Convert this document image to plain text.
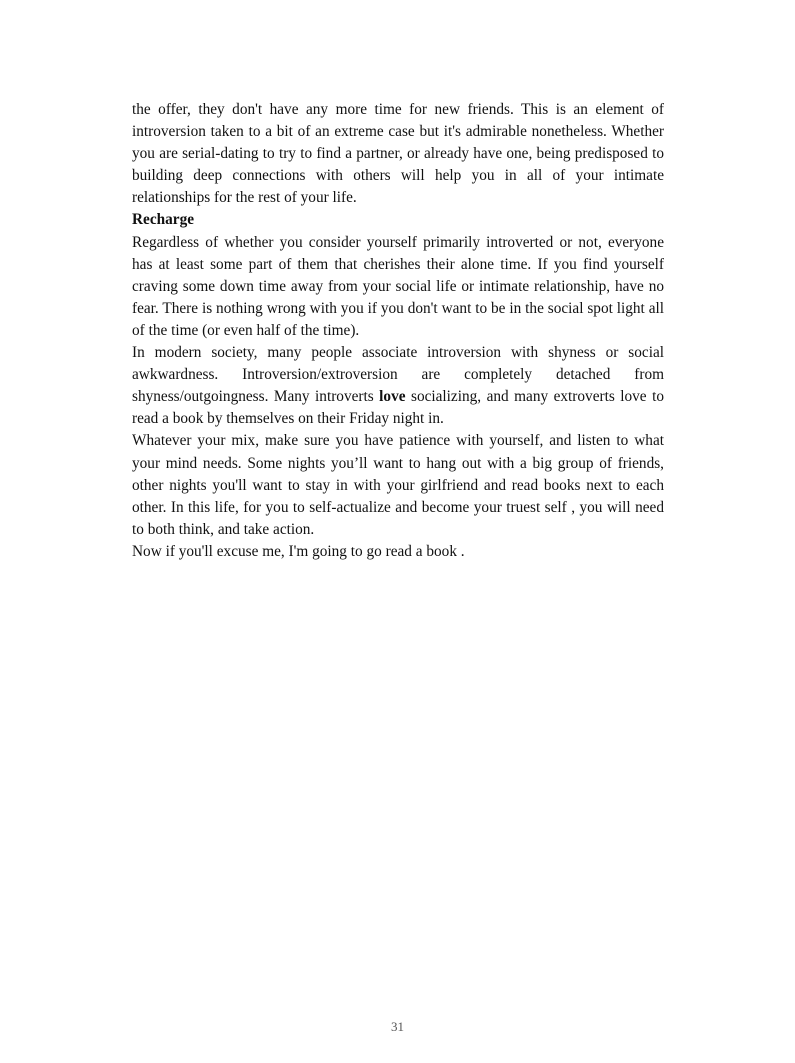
the offer, they don't have any more time for new friends. This is an element of introversion taken to a bit of an extreme case but it's admirable nonetheless. Whether you are serial-dating to try to find a partner, or already have one, being predisposed to building deep connections with others will help you in all of your intimate relationships for the rest of your life.

Recharge

Regardless of whether you consider yourself primarily introverted or not, everyone has at least some part of them that cherishes their alone time. If you find yourself craving some down time away from your social life or intimate relationship, have no fear. There is nothing wrong with you if you don't want to be in the social spot light all of the time (or even half of the time).

In modern society, many people associate introversion with shyness or social awkwardness. Introversion/extroversion are completely detached from shyness/outgoingness. Many introverts love socializing, and many extroverts love to read a book by themselves on their Friday night in.

Whatever your mix, make sure you have patience with yourself, and listen to what your mind needs. Some nights you’ll want to hang out with a big group of friends, other nights you'll want to stay in with your girlfriend and read books next to each other. In this life, for you to self-actualize and become your truest self , you will need to both think, and take action.

Now if you'll excuse me, I'm going to go read a book .

31
